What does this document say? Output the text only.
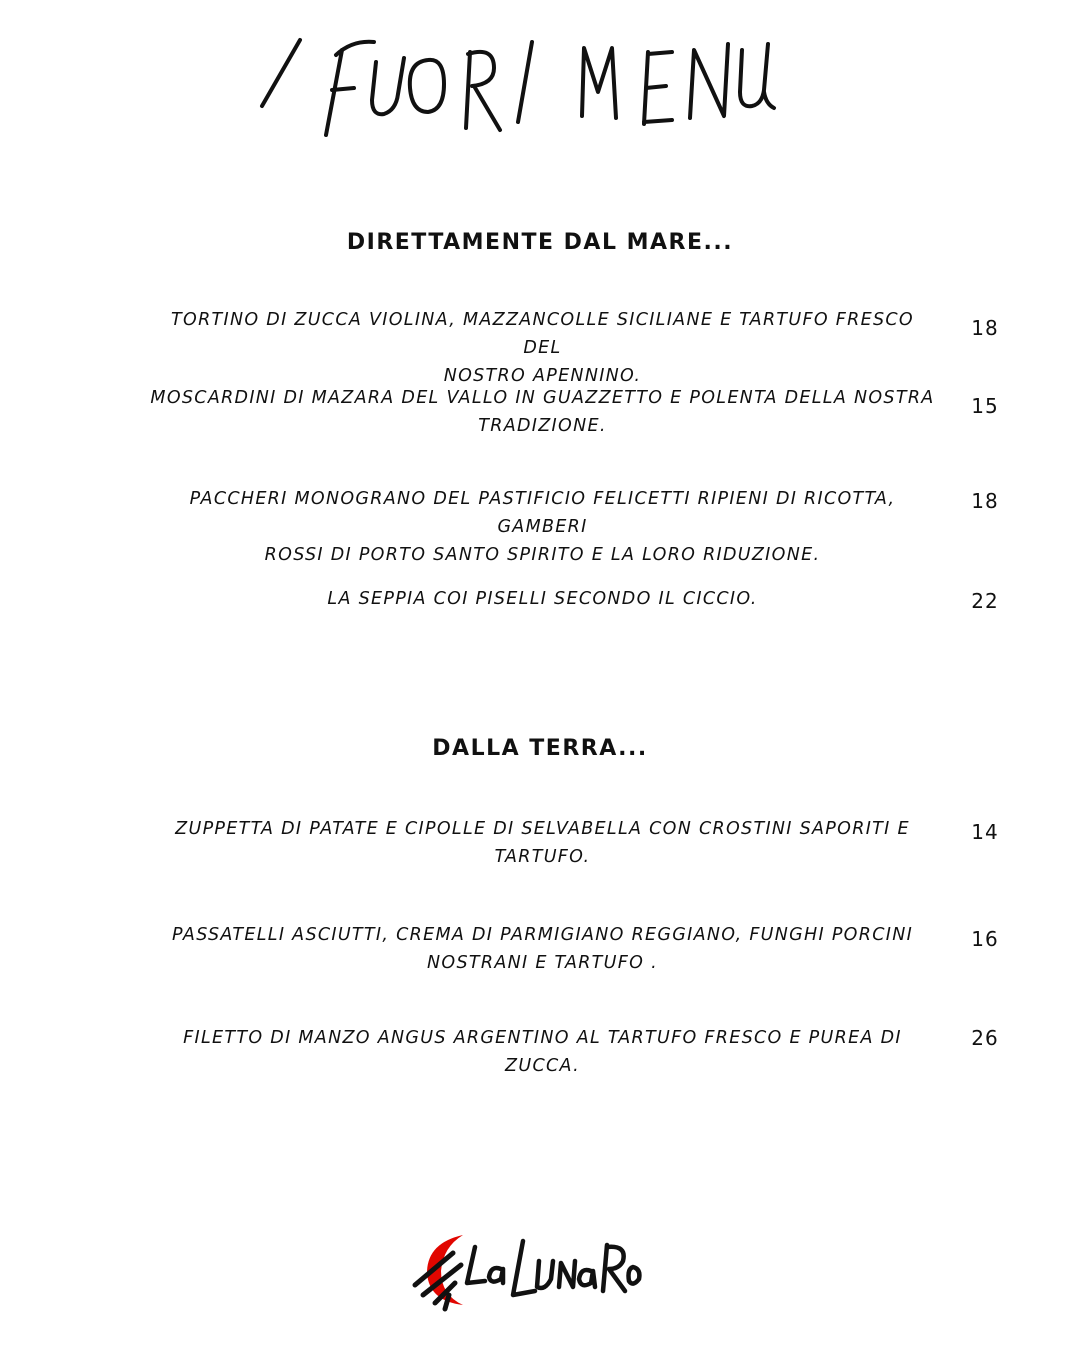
DIRETTAMENTE DAL MARE...
TORTINO DI ZUCCA VIOLINA, MAZZANCOLLE SICILIANE E TARTUFO FRESCO DEL
NOSTRO APENNINO.
18
MOSCARDINI DI MAZARA DEL VALLO IN GUAZZETTO E POLENTA DELLA NOSTRA
TRADIZIONE.
15
PACCHERI MONOGRANO DEL PASTIFICIO FELICETTI RIPIENI DI RICOTTA, GAMBERI
ROSSI DI PORTO SANTO SPIRITO E LA LORO RIDUZIONE.
18
LA SEPPIA COI PISELLI SECONDO IL CICCIO.	22
DALLA TERRA...
ZUPPETTA DI PATATE E CIPOLLE DI SELVABELLA CON CROSTINI SAPORITI E
TARTUFO.
14
PASSATELLI ASCIUTTI, CREMA DI PARMIGIANO REGGIANO, FUNGHI PORCINI
NOSTRANI E TARTUFO .
16
FILETTO DI MANZO ANGUS ARGENTINO AL TARTUFO FRESCO E PUREA DI ZUCCA.
26
La LunaRossa
